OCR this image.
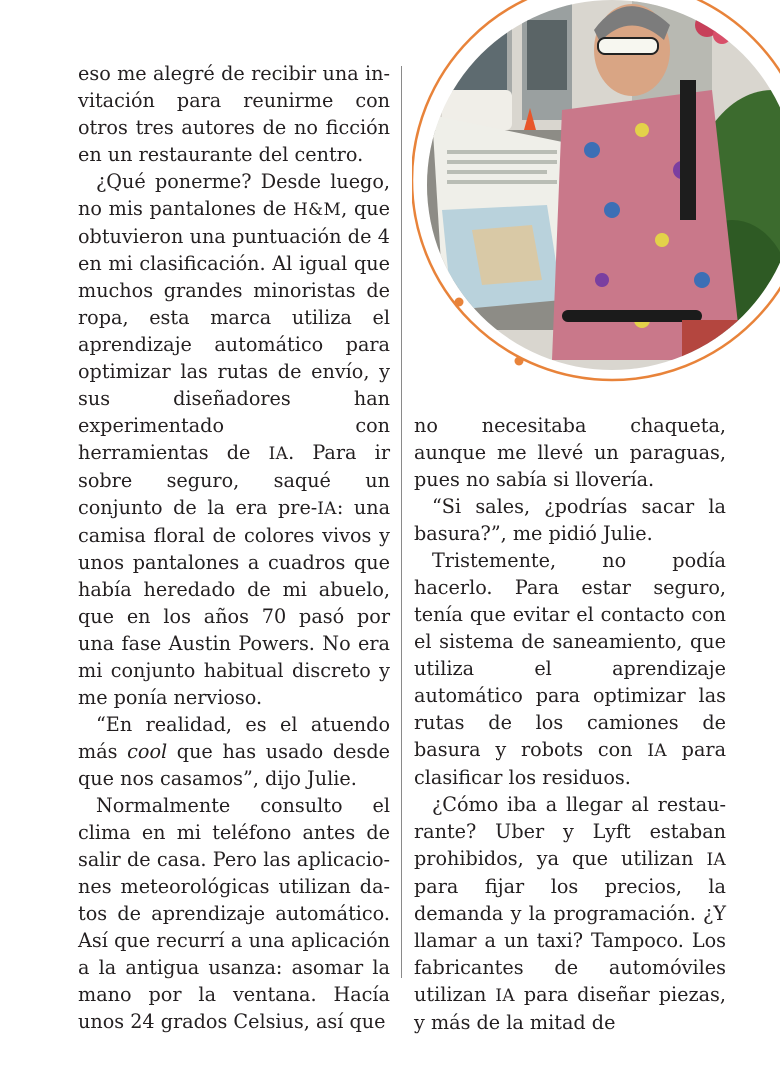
eso me alegré de recibir una invitación para reunirme con otros tres autores de no ficción en un restaurante del centro.

¿Qué ponerme? Desde luego, no mis pantalones de H&M, que obtuvieron una puntuación de 4 en mi clasificación. Al igual que muchos grandes minoristas de ropa, esta marca utiliza el aprendizaje automático para optimizar las rutas de envío, y sus diseñadores han experimentado con herramientas de IA. Para ir sobre seguro, saqué un conjunto de la era pre-IA: una camisa floral de colores vivos y unos pantalones a cuadros que había heredado de mi abuelo, que en los años 70 pasó por una fase Austin Powers. No era mi conjunto habitual discreto y me ponía nervioso.

“En realidad, es el atuendo más cool que has usado desde que nos casamos”, dijo Julie.

Normalmente consulto el clima en mi teléfono antes de salir de casa. Pero las aplicaciones meteorológicas utilizan datos de aprendizaje automático. Así que recurrí a una aplicación a la antigua usanza: asomar la mano por la ventana. Hacía unos 24 grados Celsius, así que

no necesitaba chaqueta, aunque me llevé un paraguas, pues no sabía si llovería.

“Si sales, ¿podrías sacar la basura?”, me pidió Julie.

Tristemente, no podía hacerlo. Para estar seguro, tenía que evitar el contacto con el sistema de saneamiento, que utiliza el aprendizaje automático para optimizar las rutas de los camiones de basura y robots con IA para clasificar los residuos.

¿Cómo iba a llegar al restaurante? Uber y Lyft estaban prohibidos, ya que utilizan IA para fijar los precios, la demanda y la programación. ¿Y llamar a un taxi? Tampoco. Los fabricantes de automóviles utilizan IA para diseñar piezas, y más de la mitad de
